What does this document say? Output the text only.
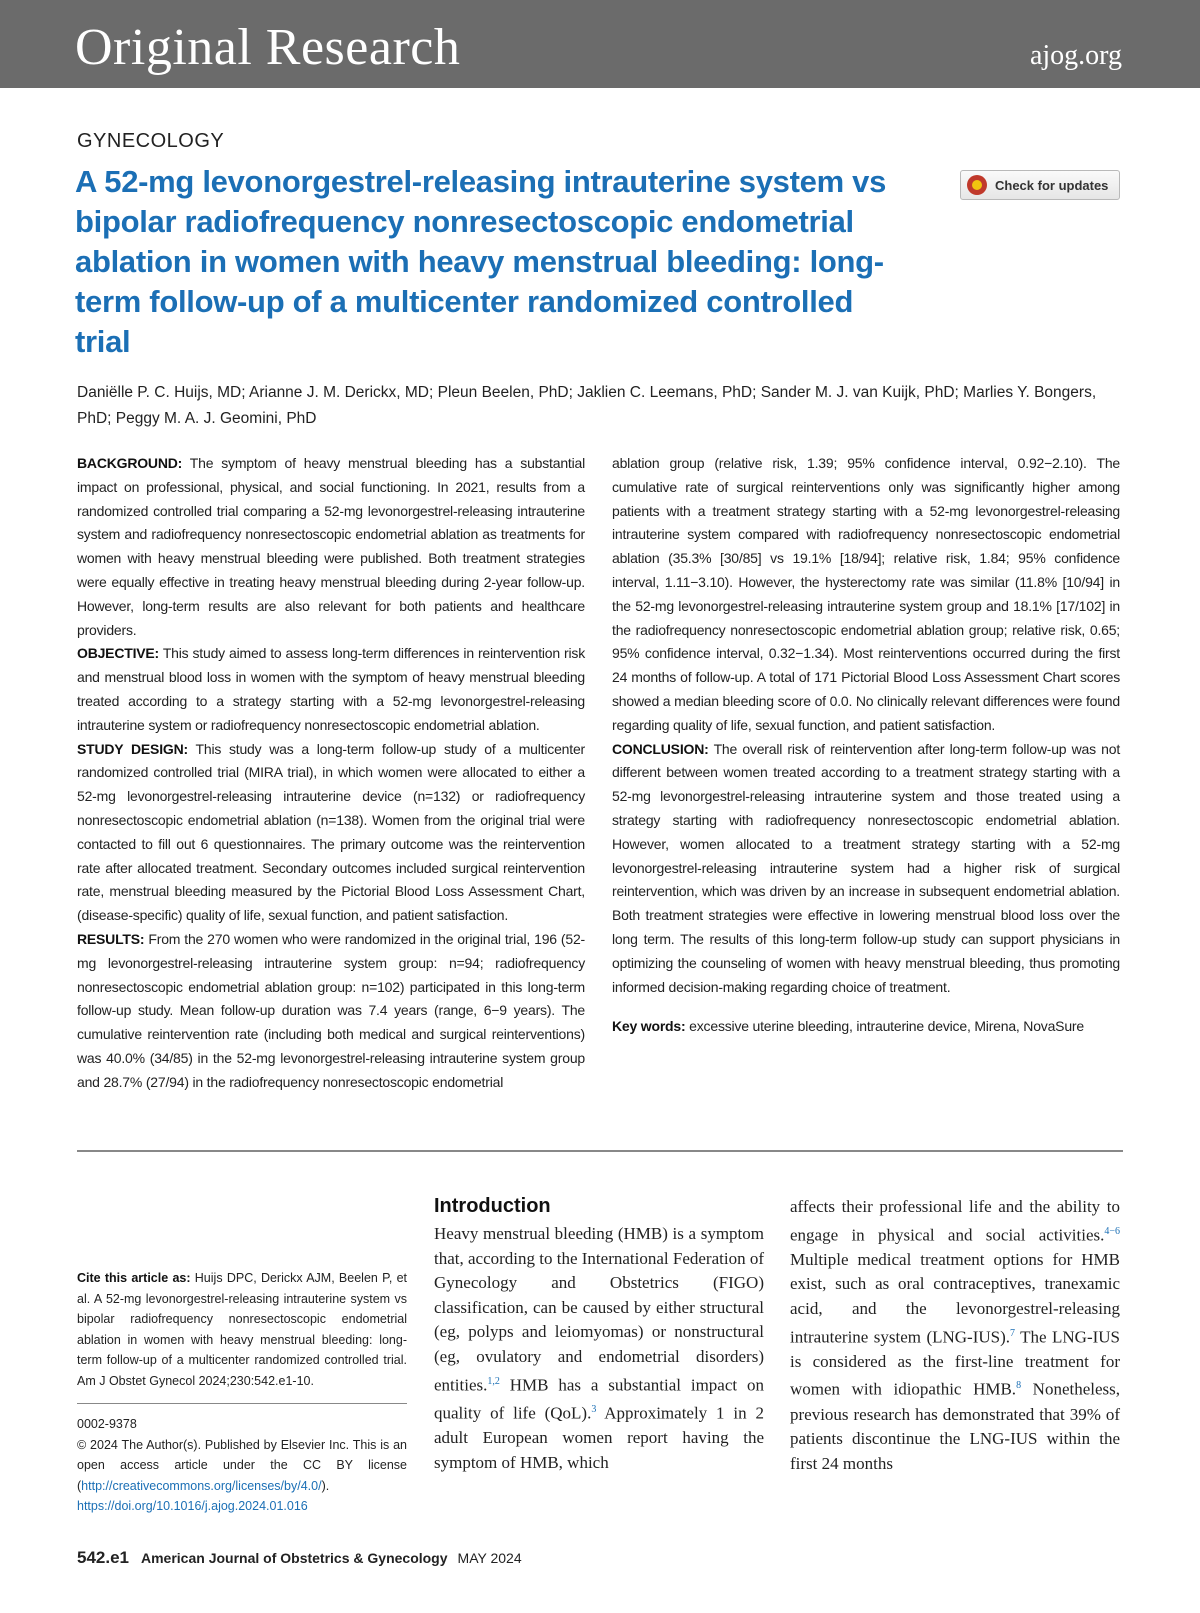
Original Research	ajog.org
GYNECOLOGY
A 52-mg levonorgestrel-releasing intrauterine system vs bipolar radiofrequency nonresectoscopic endometrial ablation in women with heavy menstrual bleeding: long-term follow-up of a multicenter randomized controlled trial
Check for updates
Daniëlle P. C. Huijs, MD; Arianne J. M. Derickx, MD; Pleun Beelen, PhD; Jaklien C. Leemans, PhD; Sander M. J. van Kuijk, PhD; Marlies Y. Bongers, PhD; Peggy M. A. J. Geomini, PhD

BACKGROUND: The symptom of heavy menstrual bleeding has a substantial impact on professional, physical, and social functioning. In 2021, results from a randomized controlled trial comparing a 52-mg levonorgestrel-releasing intrauterine system and radiofrequency nonresectoscopic endometrial ablation as treatments for women with heavy menstrual bleeding were published. Both treatment strategies were equally effective in treating heavy menstrual bleeding during 2-year follow-up. However, long-term results are also relevant for both patients and healthcare providers.

OBJECTIVE: This study aimed to assess long-term differences in reintervention risk and menstrual blood loss in women with the symptom of heavy menstrual bleeding treated according to a strategy starting with a 52-mg levonorgestrel-releasing intrauterine system or radiofrequency nonresectoscopic endometrial ablation.

STUDY DESIGN: This study was a long-term follow-up study of a multicenter randomized controlled trial (MIRA trial), in which women were allocated to either a 52-mg levonorgestrel-releasing intrauterine device (n=132) or radiofrequency nonresectoscopic endometrial ablation (n=138). Women from the original trial were contacted to fill out 6 questionnaires. The primary outcome was the reintervention rate after allocated treatment. Secondary outcomes included surgical reintervention rate, menstrual bleeding measured by the Pictorial Blood Loss Assessment Chart, (disease-specific) quality of life, sexual function, and patient satisfaction.

RESULTS: From the 270 women who were randomized in the original trial, 196 (52-mg levonorgestrel-releasing intrauterine system group: n=94; radiofrequency nonresectoscopic endometrial ablation group: n=102) participated in this long-term follow-up study. Mean follow-up duration was 7.4 years (range, 6−9 years). The cumulative reintervention rate (including both medical and surgical reinterventions) was 40.0% (34/85) in the 52-mg levonorgestrel-releasing intrauterine system group and 28.7% (27/94) in the radiofrequency nonresectoscopic endometrial

ablation group (relative risk, 1.39; 95% confidence interval, 0.92−2.10). The cumulative rate of surgical reinterventions only was significantly higher among patients with a treatment strategy starting with a 52-mg levonorgestrel-releasing intrauterine system compared with radiofrequency nonresectoscopic endometrial ablation (35.3% [30/85] vs 19.1% [18/94]; relative risk, 1.84; 95% confidence interval, 1.11−3.10). However, the hysterectomy rate was similar (11.8% [10/94] in the 52-mg levonorgestrel-releasing intrauterine system group and 18.1% [17/102] in the radiofrequency nonresectoscopic endometrial ablation group; relative risk, 0.65; 95% confidence interval, 0.32−1.34). Most reinterventions occurred during the first 24 months of follow-up. A total of 171 Pictorial Blood Loss Assessment Chart scores showed a median bleeding score of 0.0. No clinically relevant differences were found regarding quality of life, sexual function, and patient satisfaction.

CONCLUSION: The overall risk of reintervention after long-term follow-up was not different between women treated according to a treatment strategy starting with a 52-mg levonorgestrel-releasing intrauterine system and those treated using a strategy starting with radiofrequency nonresectoscopic endometrial ablation. However, women allocated to a treatment strategy starting with a 52-mg levonorgestrel-releasing intrauterine system had a higher risk of surgical reintervention, which was driven by an increase in subsequent endometrial ablation. Both treatment strategies were effective in lowering menstrual blood loss over the long term. The results of this long-term follow-up study can support physicians in optimizing the counseling of women with heavy menstrual bleeding, thus promoting informed decision-making regarding choice of treatment.

Key words: excessive uterine bleeding, intrauterine device, Mirena, NovaSure

Cite this article as: Huijs DPC, Derickx AJM, Beelen P, et al. A 52-mg levonorgestrel-releasing intrauterine system vs bipolar radiofrequency nonresectoscopic endometrial ablation in women with heavy menstrual bleeding: long-term follow-up of a multicenter randomized controlled trial. Am J Obstet Gynecol 2024;230:542.e1-10.

0002-9378

© 2024 The Author(s). Published by Elsevier Inc. This is an open access article under the CC BY license (http://creativecommons.org/licenses/by/4.0/).
https://doi.org/10.1016/j.ajog.2024.01.016

Introduction
Heavy menstrual bleeding (HMB) is a symptom that, according to the International Federation of Gynecology and Obstetrics (FIGO) classification, can be caused by either structural (eg, polyps and leiomyomas) or nonstructural (eg, ovulatory and endometrial disorders) entities.$^{1,2}$ HMB has a substantial impact on quality of life (QoL).$^3$ Approximately 1 in 2 adult European women report having the symptom of HMB, which
affects their professional life and the ability to engage in physical and social activities.$^{4-6}$ Multiple medical treatment options for HMB exist, such as oral contraceptives, tranexamic acid, and the levonorgestrel-releasing intrauterine system (LNG-IUS).$^7$ The LNG-IUS is considered as the first-line treatment for women with idiopathic HMB.$^8$ Nonetheless, previous research has demonstrated that 39% of patients discontinue the LNG-IUS within the first 24 months
542.e1 American Journal of Obstetrics & Gynecology MAY 2024
